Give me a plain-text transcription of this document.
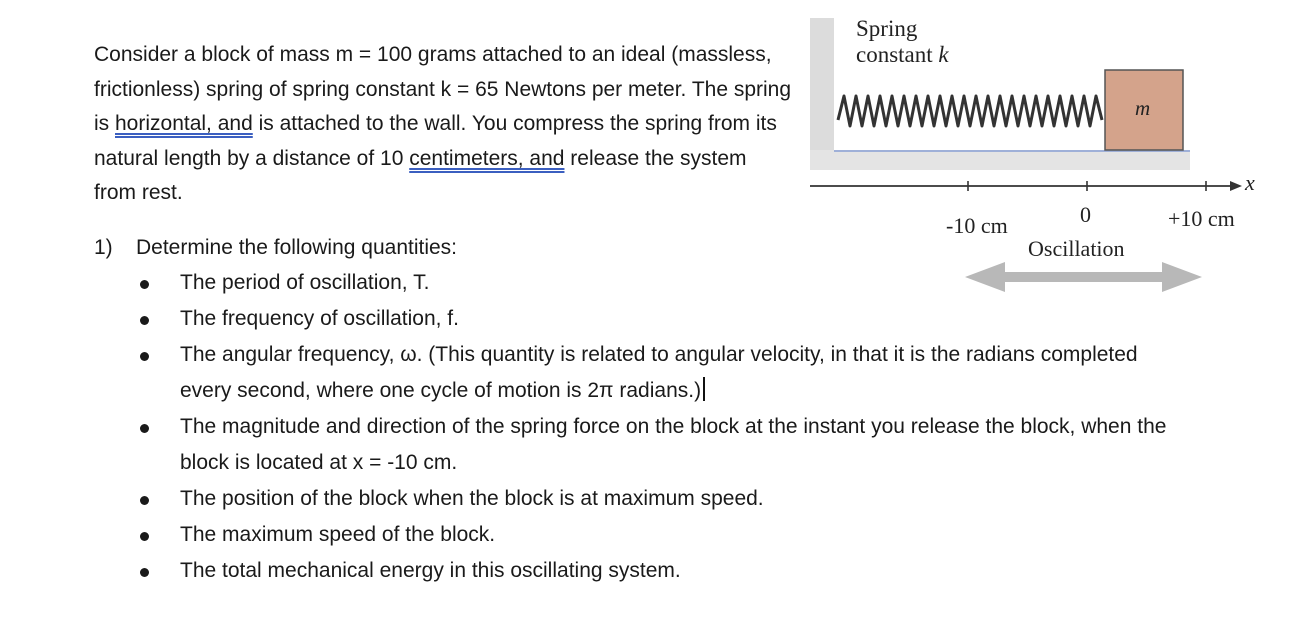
Consider a block of mass m = 100 grams attached to an ideal (massless, frictionless) spring of spring constant k = 65 Newtons per meter. The spring is horizontal, and is attached to the wall. You compress the spring from its natural length by a distance of 10 centimeters, and release the system from rest.

1) Determine the following quantities:
The period of oscillation, T.
The frequency of oscillation, f.
The angular frequency, ω. (This quantity is related to angular velocity, in that it is the radians completed every second, where one cycle of motion is 2π radians.)
The magnitude and direction of the spring force on the block at the instant you release the block, when the block is located at x = -10 cm.
The position of the block when the block is at maximum speed.
The maximum speed of the block.
The total mechanical energy in this oscillating system.
Spring
constant k
m
x
-10 cm	0	+10 cm
Oscillation
